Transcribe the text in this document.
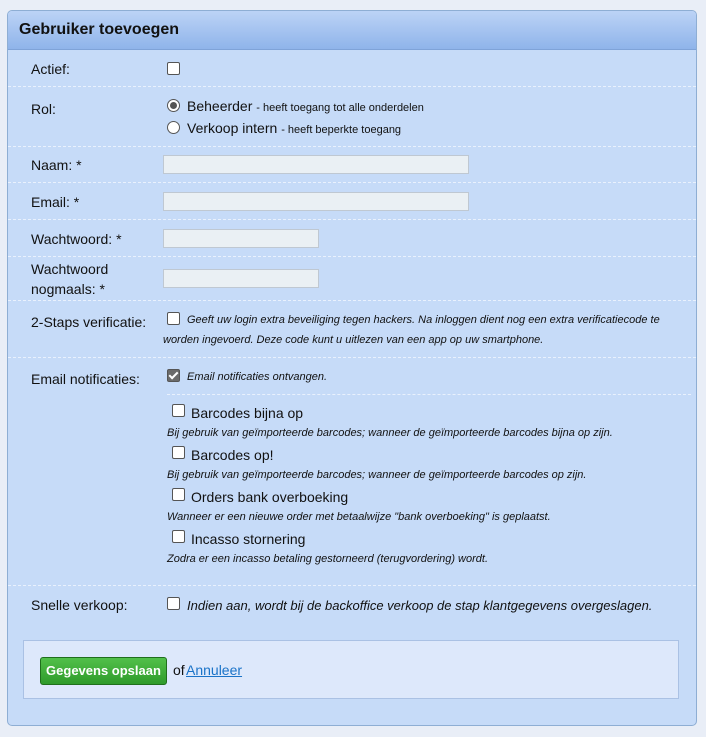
Gebruiker toevoegen
Actief:
Rol:	Beheerder - heeft toegang tot alle onderdelen
Verkoop intern - heeft beperkte toegang
Naam: *
Email: *
Wachtwoord: *
Wachtwoord
nogmaals: *
2-Staps verificatie:	Geeft uw login extra beveiliging tegen hackers. Na inloggen dient nog een extra verificatiecode te
worden ingevoerd. Deze code kunt u uitlezen van een app op uw smartphone.
Email notificaties:	Email notificaties ontvangen.
Barcodes bijna op
Bij gebruik van geïmporteerde barcodes; wanneer de geïmporteerde barcodes bijna op zijn.
Barcodes op!
Bij gebruik van geïmporteerde barcodes; wanneer de geïmporteerde barcodes op zijn.
Orders bank overboeking
Wanneer er een nieuwe order met betaalwijze "bank overboeking" is geplaatst.
Incasso stornering
Zodra er een incasso betaling gestorneerd (terugvordering) wordt.
Snelle verkoop:	Indien aan, wordt bij de backoffice verkoop de stap klantgegevens overgeslagen.
Gegevens opslaan of Annuleer
